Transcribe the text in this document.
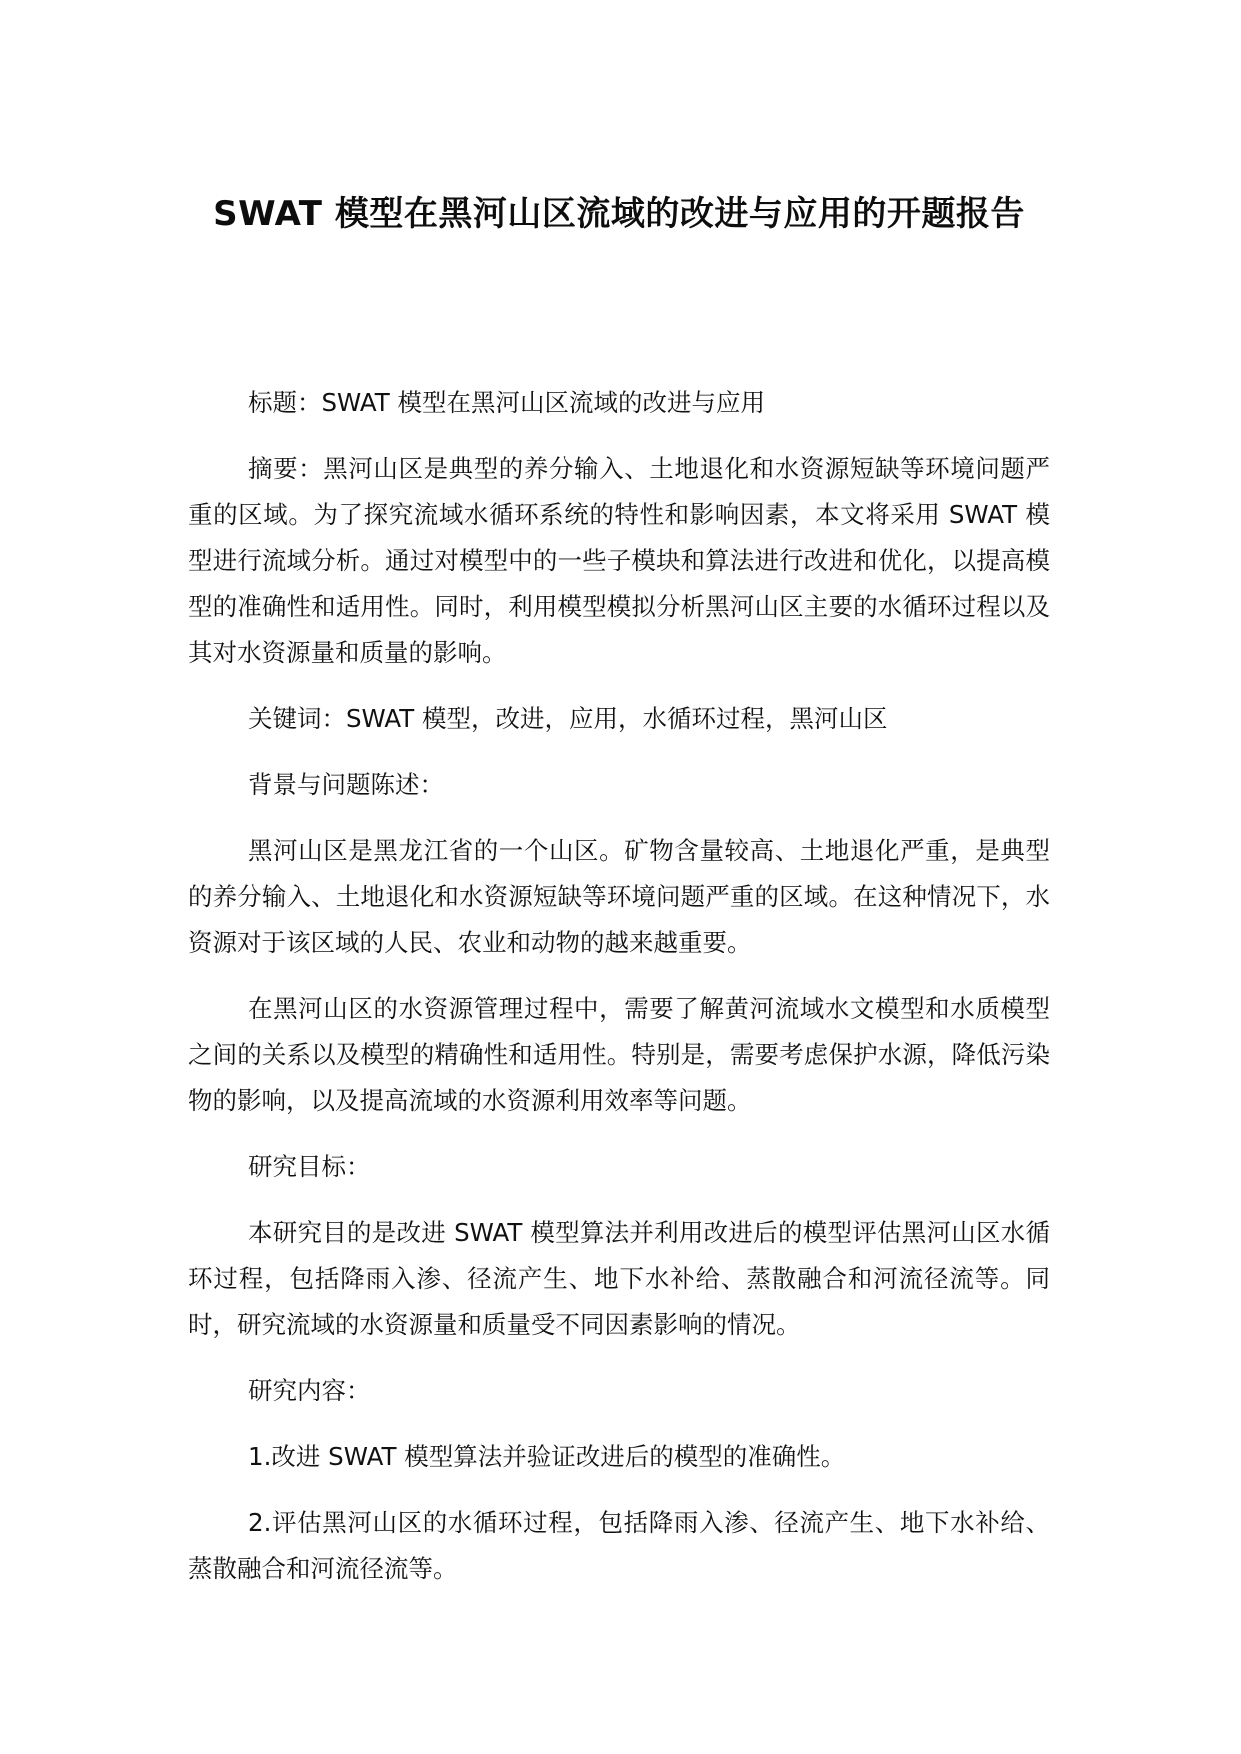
SWAT 模型在黑河山区流域的改进与应用的开题报告

标题：SWAT 模型在黑河山区流域的改进与应用

摘要：黑河山区是典型的养分输入、土地退化和水资源短缺等环境问题严重的区域。为了探究流域水循环系统的特性和影响因素，本文将采用 SWAT 模型进行流域分析。通过对模型中的一些子模块和算法进行改进和优化，以提高模型的准确性和适用性。同时，利用模型模拟分析黑河山区主要的水循环过程以及其对水资源量和质量的影响。

关键词：SWAT 模型，改进，应用，水循环过程，黑河山区

背景与问题陈述：

黑河山区是黑龙江省的一个山区。矿物含量较高、土地退化严重，是典型的养分输入、土地退化和水资源短缺等环境问题严重的区域。在这种情况下，水资源对于该区域的人民、农业和动物的越来越重要。

在黑河山区的水资源管理过程中，需要了解黄河流域水文模型和水质模型之间的关系以及模型的精确性和适用性。特别是，需要考虑保护水源，降低污染物的影响，以及提高流域的水资源利用效率等问题。

研究目标：

本研究目的是改进 SWAT 模型算法并利用改进后的模型评估黑河山区水循环过程，包括降雨入渗、径流产生、地下水补给、蒸散融合和河流径流等。同时，研究流域的水资源量和质量受不同因素影响的情况。

研究内容：

1.改进 SWAT 模型算法并验证改进后的模型的准确性。

2.评估黑河山区的水循环过程，包括降雨入渗、径流产生、地下水补给、蒸散融合和河流径流等。
